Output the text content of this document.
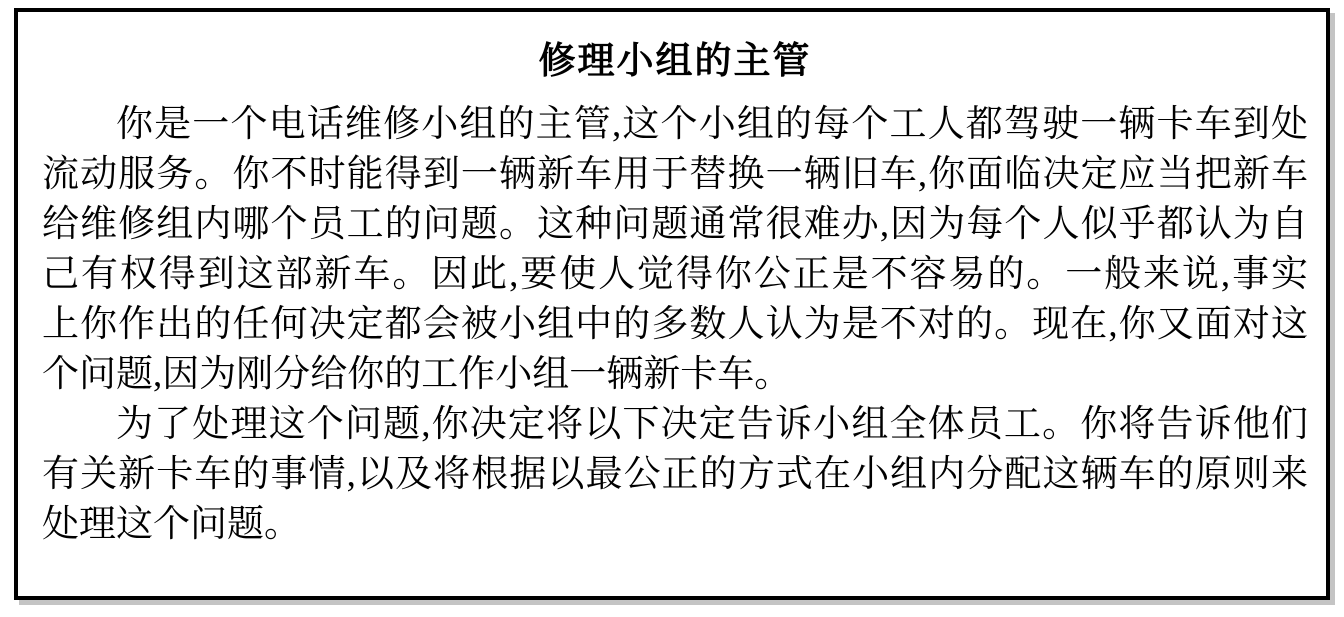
修理小组的主管
你是一个电话维修小组的主管,这个小组的每个工人都驾驶一辆卡车到处
流动服务。你不时能得到一辆新车用于替换一辆旧车,你面临决定应当把新车
给维修组内哪个员工的问题。这种问题通常很难办,因为每个人似乎都认为自
己有权得到这部新车。因此,要使人觉得你公正是不容易的。一般来说,事实
上你作出的任何决定都会被小组中的多数人认为是不对的。现在,你又面对这
个问题,因为刚分给你的工作小组一辆新卡车。
为了处理这个问题,你决定将以下决定告诉小组全体员工。你将告诉他们
有关新卡车的事情,以及将根据以最公正的方式在小组内分配这辆车的原则来
处理这个问题。
